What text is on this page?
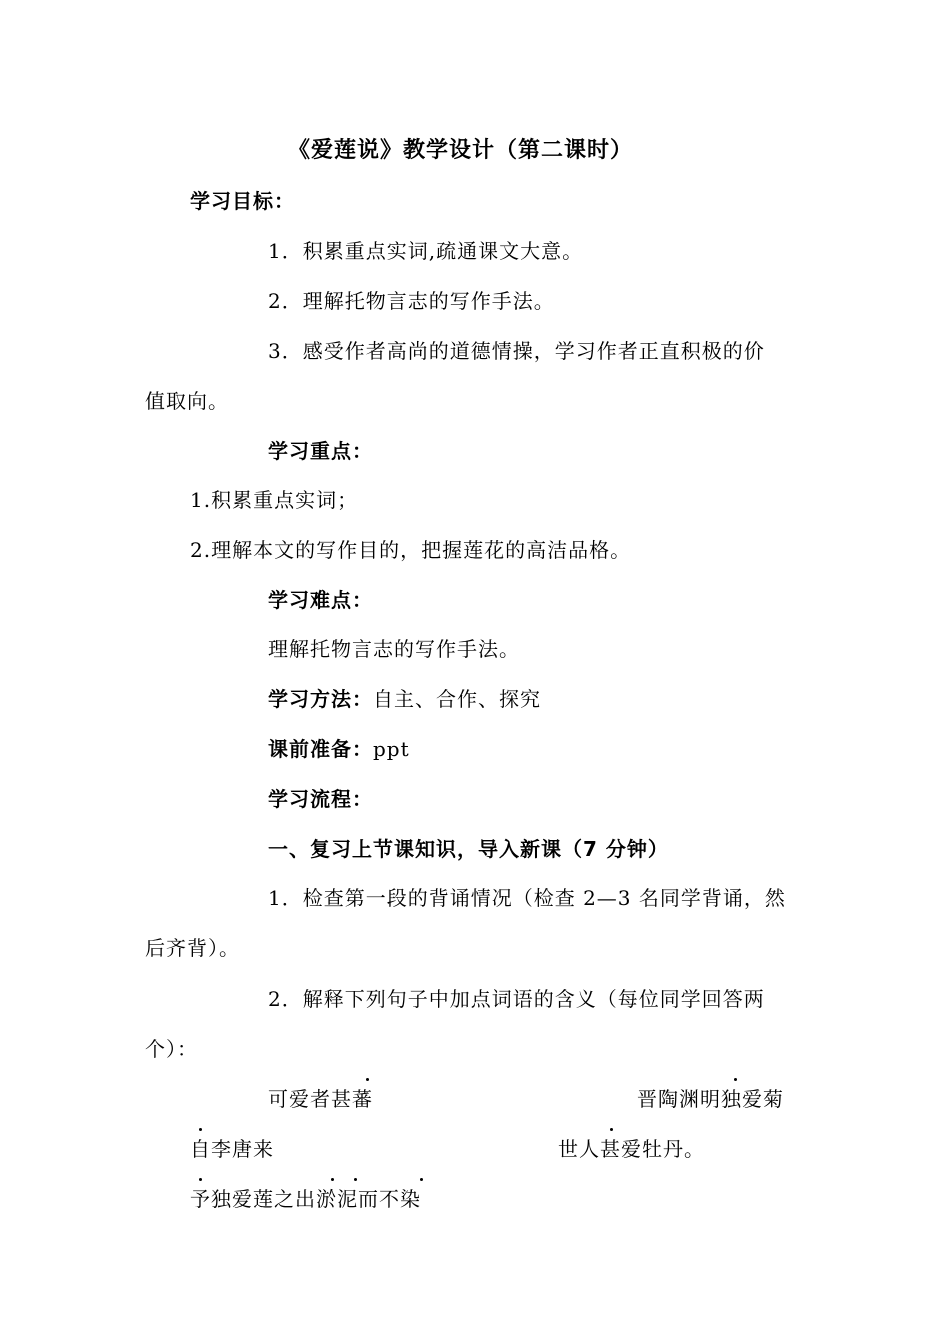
《爱莲说》教学设计（第二课时）
学习目标：
1．积累重点实词,疏通课文大意。
2．理解托物言志的写作手法。
3．感受作者高尚的道德情操，学习作者正直积极的价
值取向。
学习重点：
1.积累重点实词；
2.理解本文的写作目的，把握莲花的高洁品格。
学习难点：
理解托物言志的写作手法。
学习方法：自主、合作、探究
课前准备：ppt
学习流程：
一、复习上节课知识，导入新课（7 分钟）
1．检查第一段的背诵情况（检查 2—3 名同学背诵，然
后齐背）。
2．解释下列句子中加点词语的含义（每位同学回答两
个）：
可爱者甚蕃	晋陶渊明独爱菊
自李唐来	世人甚爱牡丹。
予独爱莲之出淤泥而不染
